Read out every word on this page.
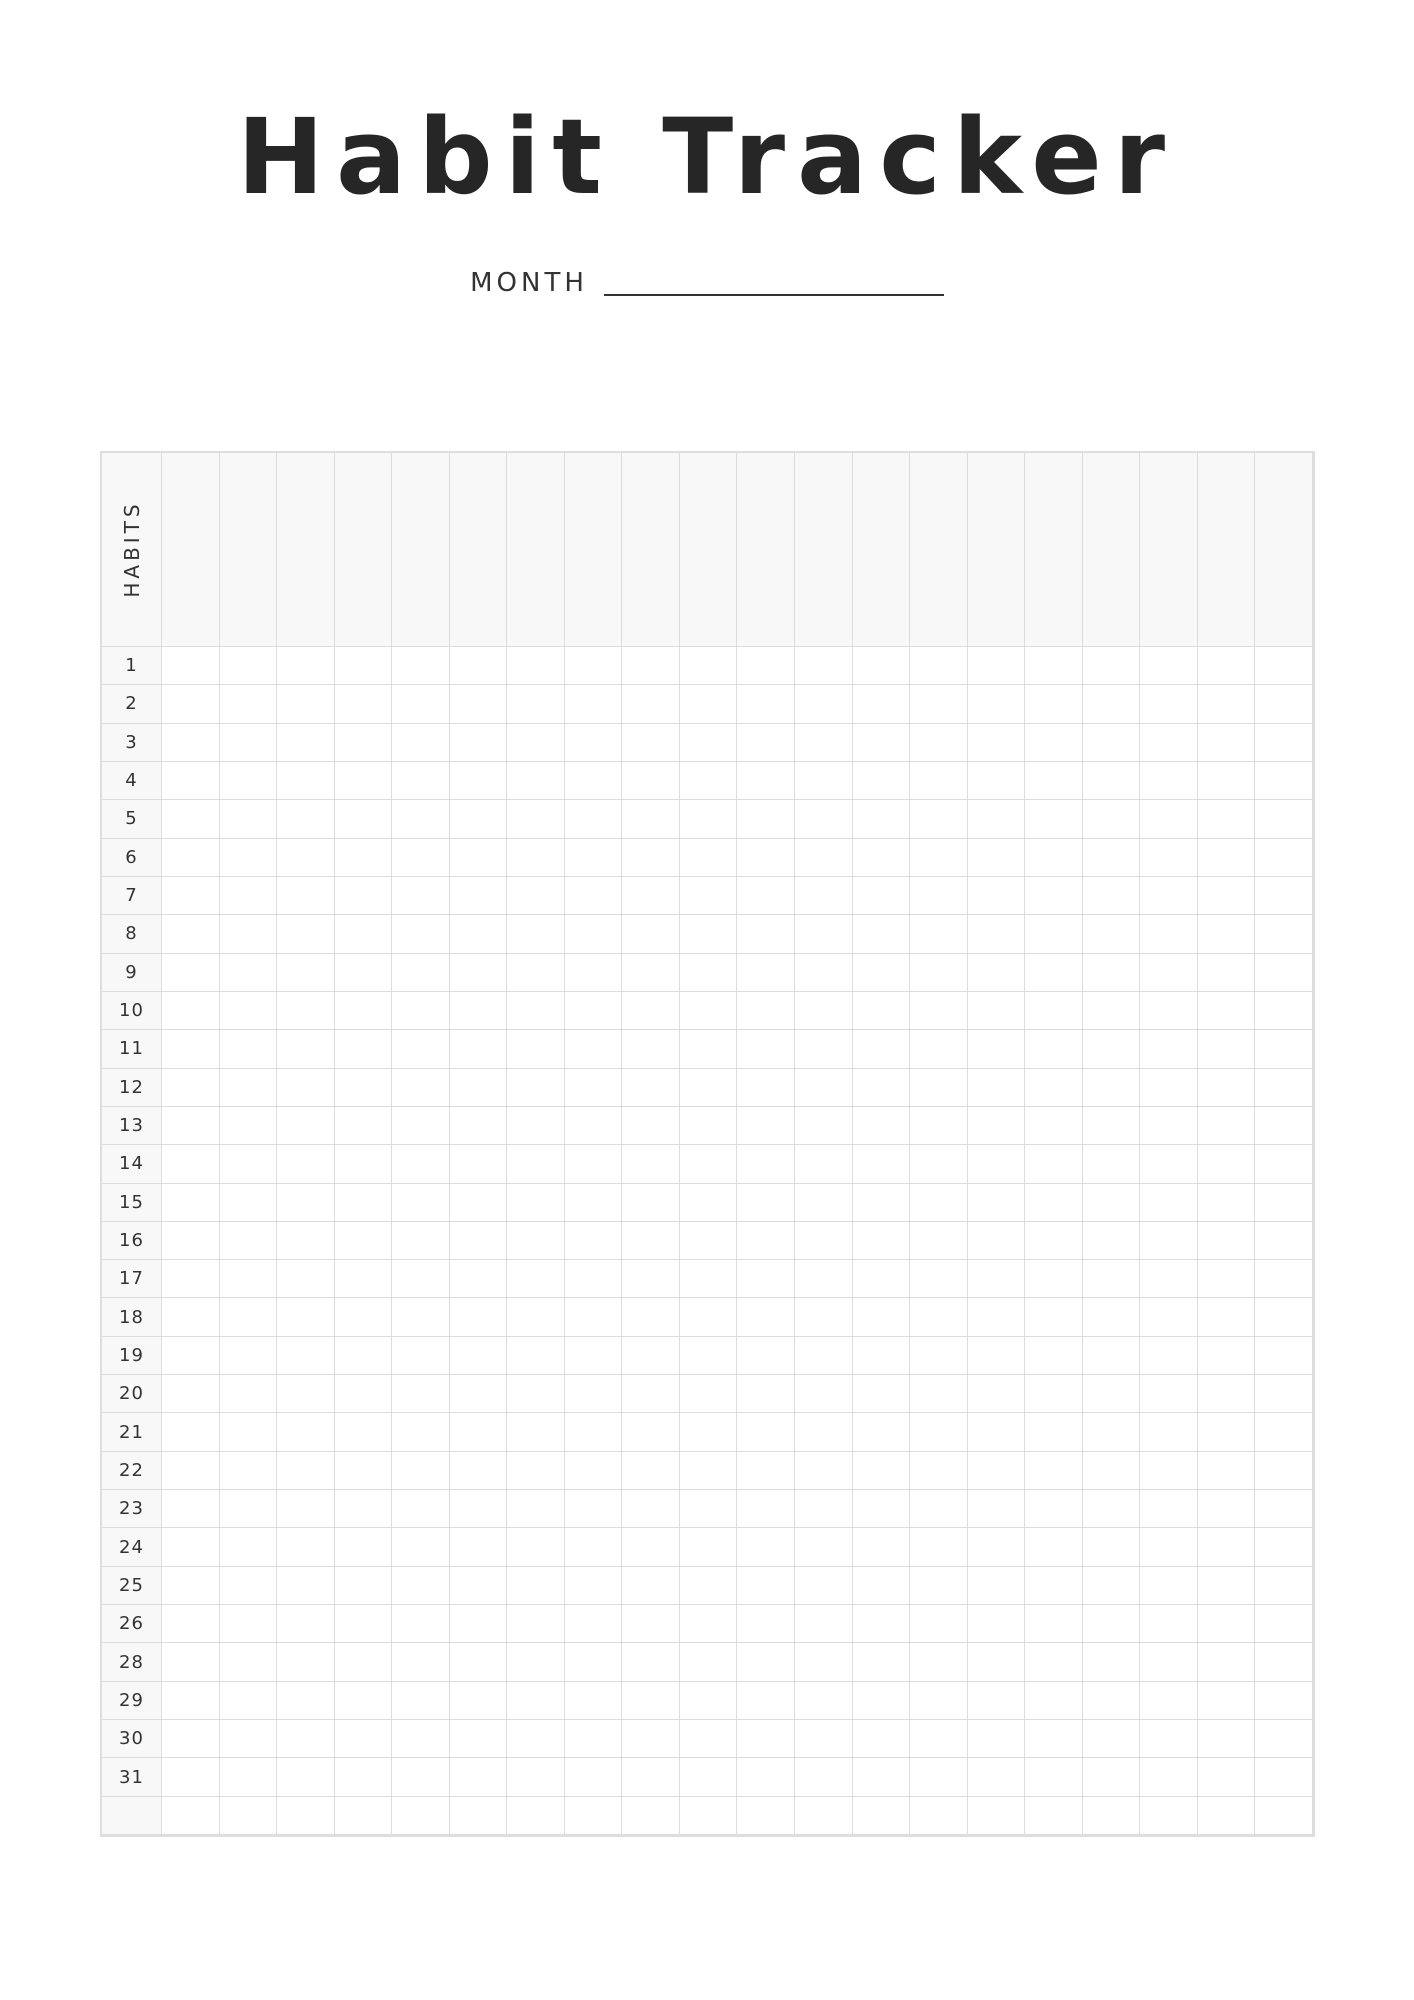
Habit Tracker
MONTH
HABITS
1
2
3
4
5
6
7
8
9
10
11
12
13
14
15
16
17
18
19
20
21
22
23
24
25
26
28
29
30
31
